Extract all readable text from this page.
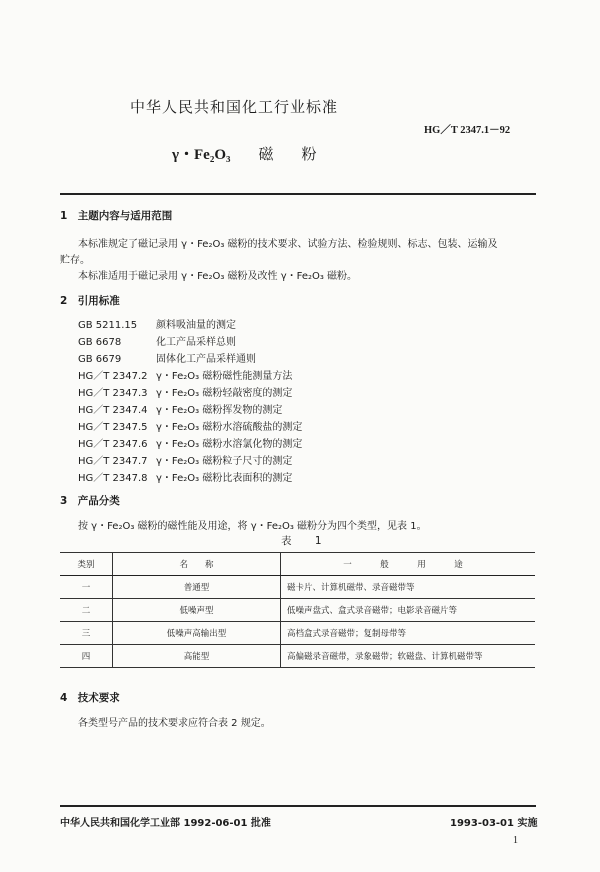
中华人民共和国化工行业标准
HG／T 2347.1－92
γ・Fe₂O₃ 磁粉
1　主题内容与适用范围
本标准规定了磁记录用 γ・Fe₂O₃ 磁粉的技术要求、试验方法、检验规则、标志、包装、运输及
贮存。
本标准适用于磁记录用 γ・Fe₂O₃ 磁粉及改性 γ・Fe₂O₃ 磁粉。
2　引用标准
GB 5211.15 颜料吸油量的测定
GB 6678	化工产品采样总则
GB 6679	固体化工产品采样通则
HG／T 2347.2 γ・Fe₂O₃ 磁粉磁性能测量方法
HG／T 2347.3 γ・Fe₂O₃ 磁粉轻敲密度的测定
HG／T 2347.4 γ・Fe₂O₃ 磁粉挥发物的测定
HG／T 2347.5 γ・Fe₂O₃ 磁粉水溶硫酸盐的测定
HG／T 2347.6 γ・Fe₂O₃ 磁粉水溶氯化物的测定
HG／T 2347.7 γ・Fe₂O₃ 磁粉粒子尺寸的测定
HG／T 2347.8 γ・Fe₂O₃ 磁粉比表面积的测定
3　产品分类
按 γ・Fe₂O₃ 磁粉的磁性能及用途，将 γ・Fe₂O₃ 磁粉分为四个类型，见表 1。
表 1
类别	名　　称	一　般　用　途
一	普通型	磁卡片、计算机磁带、录音磁带等
二	低噪声型	低噪声盘式、盒式录音磁带；电影录音磁片等
三	低噪声高输出型	高档盒式录音磁带；复制母带等
四	高能型	高偏磁录音磁带，录象磁带；软磁盘、计算机磁带等
4　技术要求
各类型号产品的技术要求应符合表 2 规定。
中华人民共和国化学工业部 1992-06-01 批准	1993-03-01 实施
1
